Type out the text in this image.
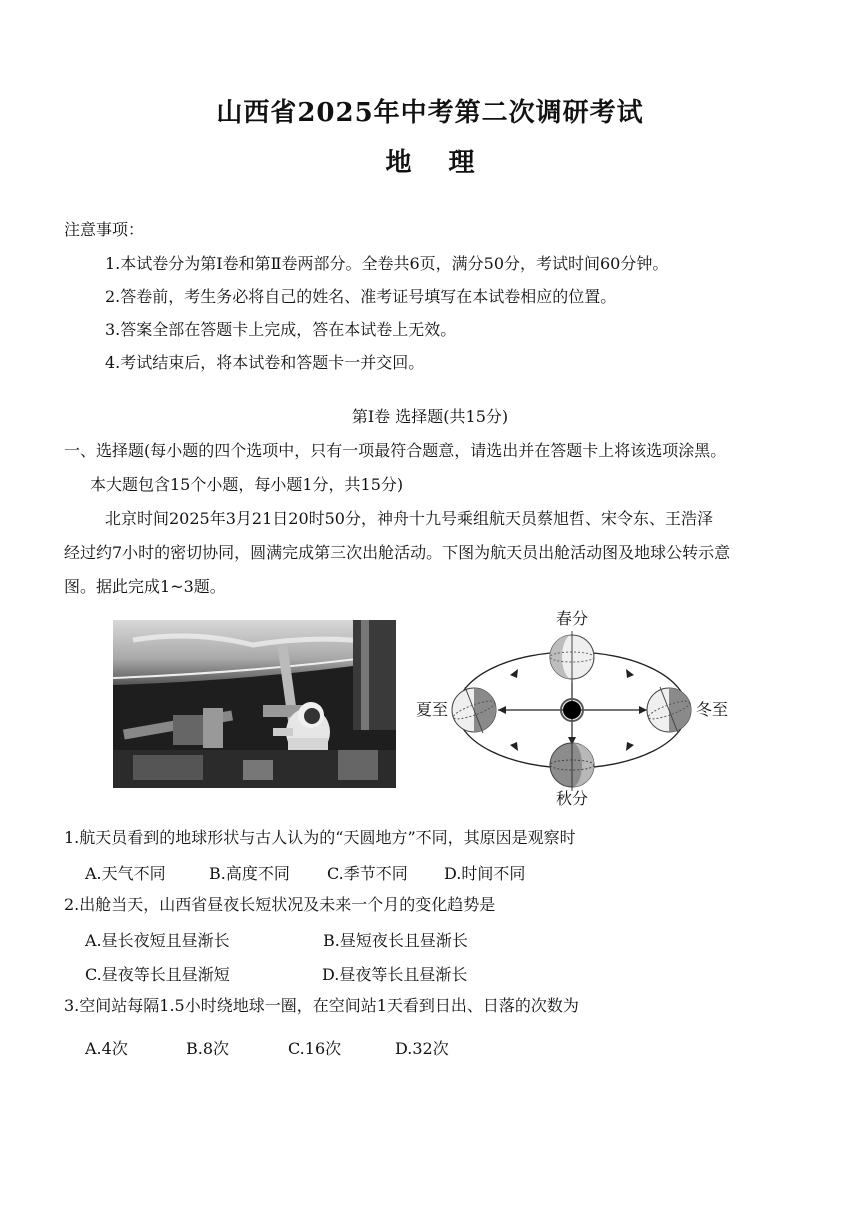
山西省2025年中考第二次调研考试
地 理
注意事项：
1.本试卷分为第Ⅰ卷和第Ⅱ卷两部分。全卷共6页，满分50分，考试时间60分钟。
2.答卷前，考生务必将自己的姓名、准考证号填写在本试卷相应的位置。
3.答案全部在答题卡上完成，答在本试卷上无效。
4.考试结束后，将本试卷和答题卡一并交回。
第Ⅰ卷 选择题(共15分)
一、选择题(每小题的四个选项中，只有一项最符合题意，请选出并在答题卡上将该选项涂黑。
本大题包含15个小题，每小题1分，共15分)
北京时间2025年3月21日20时50分，神舟十九号乘组航天员蔡旭哲、宋令东、王浩泽
经过约7小时的密切协同，圆满完成第三次出舱活动。下图为航天员出舱活动图及地球公转示意
图。据此完成1~3题。
春分
夏至	冬至
秋分
1.航天员看到的地球形状与古人认为的“天圆地方”不同，其原因是观察时
A.天气不同	B.高度不同 C.季节不同 D.时间不同
2.出舱当天，山西省昼夜长短状况及未来一个月的变化趋势是
A.昼长夜短且昼渐长	B.昼短夜长且昼渐长
C.昼夜等长且昼渐短	D.昼夜等长且昼渐长
3.空间站每隔1.5小时绕地球一圈，在空间站1天看到日出、日落的次数为
A.4次	B.8次	C.16次	D.32次
